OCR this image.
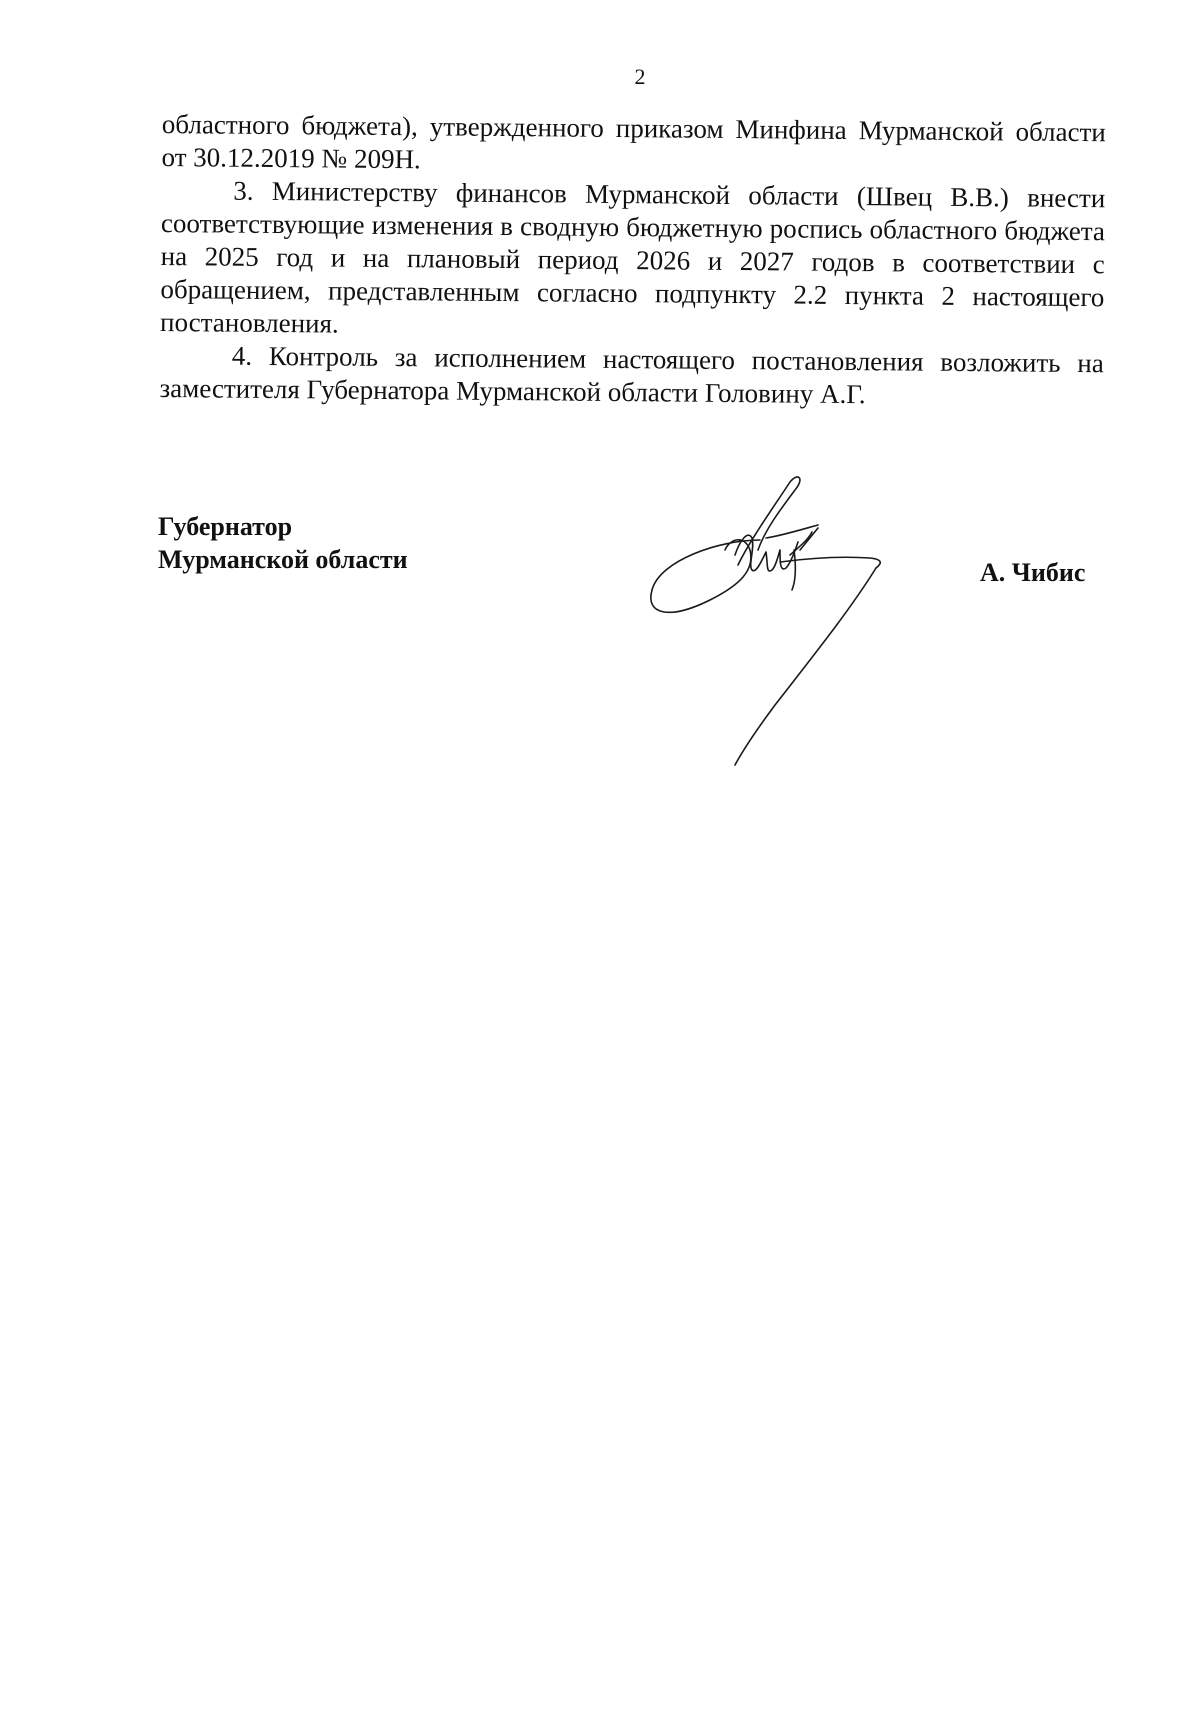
2

областного бюджета), утвержденного приказом Минфина Мурманской области от 30.12.2019 № 209Н.

3. Министерству финансов Мурманской области (Швец В.В.) внести соответствующие изменения в сводную бюджетную роспись областного бюджета на 2025 год и на плановый период 2026 и 2027 годов в соответствии с обращением, представленным согласно подпункту 2.2 пункта 2 настоящего постановления.

4. Контроль за исполнением настоящего постановления возложить на заместителя Губернатора Мурманской области Головину А.Г.

Губернатор
Мурманской области	А. Чибис
